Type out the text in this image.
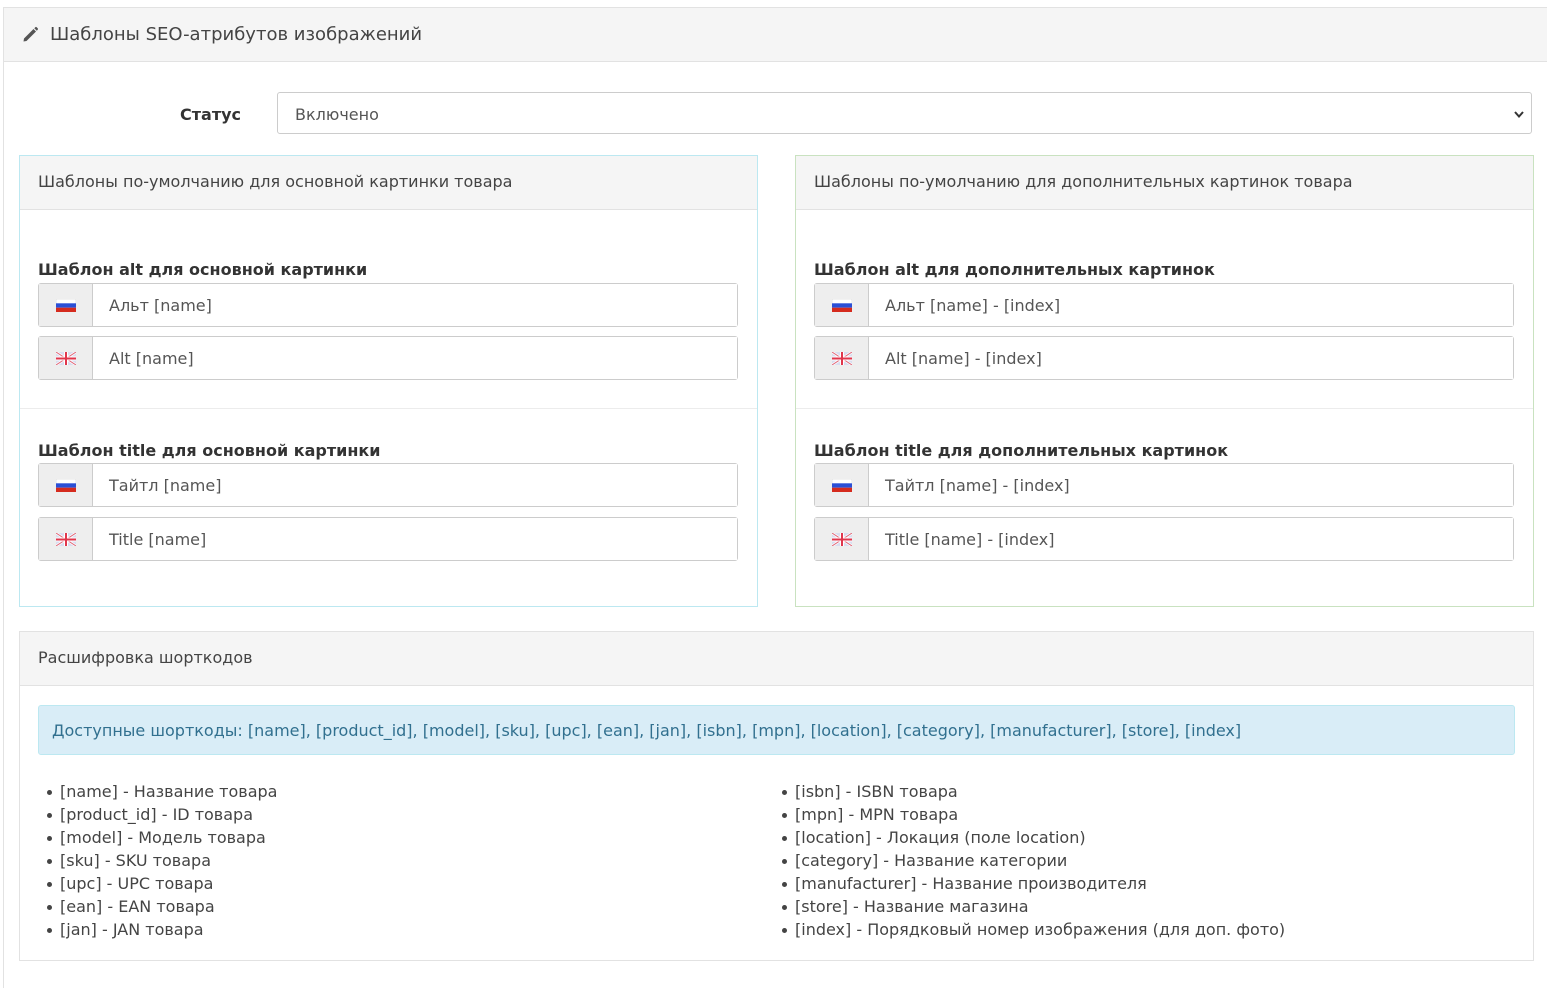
Шаблоны SEO-атрибутов изображений
Статус	Включено
Шаблоны по-умолчанию для основной картинки товара
Шаблон alt для основной картинки
Альт [name]
Alt [name]
Шаблон title для основной картинки
Тайтл [name]
Title [name]
Шаблоны по-умолчанию для дополнительных картинок товара
Шаблон alt для дополнительных картинок
Альт [name] - [index]
Alt [name] - [index]
Шаблон title для дополнительных картинок
Тайтл [name] - [index]
Title [name] - [index]
Расшифровка шорткодов
Доступные шорткоды: [name], [product_id], [model], [sku], [upc], [ean], [jan], [isbn], [mpn], [location], [category], [manufacturer], [store], [index]
[name] - Название товара
[product_id] - ID товара
[model] - Модель товара
[sku] - SKU товара
[upc] - UPC товара
[ean] - EAN товара
[jan] - JAN товара
[isbn] - ISBN товара
[mpn] - MPN товара
[location] - Локация (поле location)
[category] - Название категории
[manufacturer] - Название производителя
[store] - Название магазина
[index] - Порядковый номер изображения (для доп. фото)
